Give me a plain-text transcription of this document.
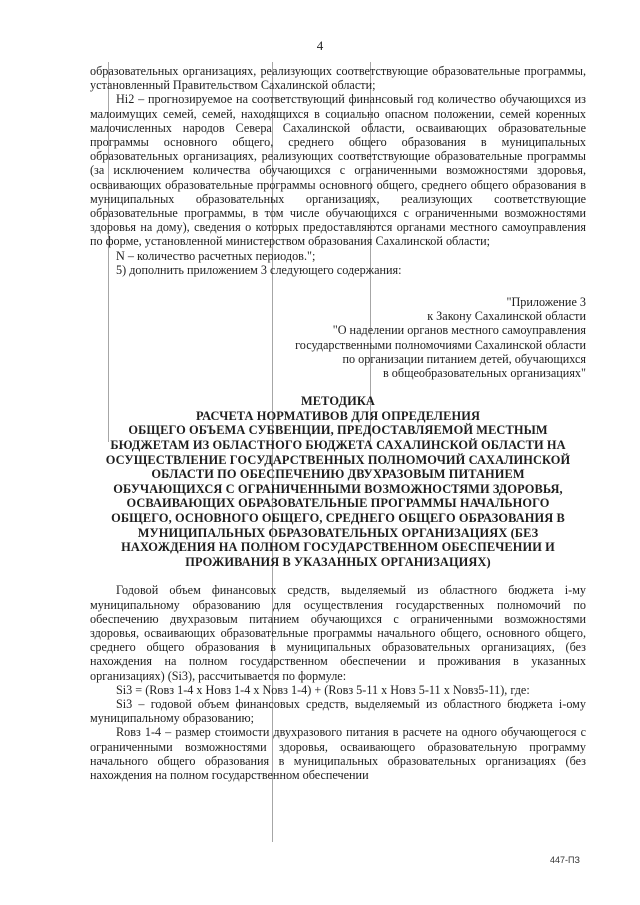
4

образовательных организациях, реализующих соответствующие образовательные программы, установленный Правительством Сахалинской области;

Нi2 – прогнозируемое на соответствующий финансовый год количество обучающихся из малоимущих семей, семей, находящихся в социально опасном положении, семей коренных малочисленных народов Севера Сахалинской области, осваивающих образовательные программы основного общего, среднего общего образования в муниципальных образовательных организациях, реализующих соответствующие образовательные программы (за исключением количества обучающихся с ограниченными возможностями здоровья, осваивающих образовательные программы основного общего, среднего общего образования в муниципальных образовательных организациях, реализующих соответствующие образовательные программы, в том числе обучающихся с ограниченными возможностями здоровья на дому), сведения о которых предоставляются органами местного самоуправления по форме, установленной министерством образования Сахалинской области;

N – количество расчетных периодов.";

5) дополнить приложением 3 следующего содержания:

"Приложение 3
к Закону Сахалинской области
"О наделении органов местного самоуправления
государственными полномочиями Сахалинской области
по организации питанием детей, обучающихся
в общеобразовательных организациях"
МЕТОДИКА
РАСЧЕТА НОРМАТИВОВ ДЛЯ ОПРЕДЕЛЕНИЯ
ОБЩЕГО ОБЪЕМА СУБВЕНЦИИ, ПРЕДОСТАВЛЯЕМОЙ МЕСТНЫМ
БЮДЖЕТАМ ИЗ ОБЛАСТНОГО БЮДЖЕТА САХАЛИНСКОЙ ОБЛАСТИ НА
ОСУЩЕСТВЛЕНИЕ ГОСУДАРСТВЕННЫХ ПОЛНОМОЧИЙ САХАЛИНСКОЙ
ОБЛАСТИ ПО ОБЕСПЕЧЕНИЮ ДВУХРАЗОВЫМ ПИТАНИЕМ
ОБУЧАЮЩИХСЯ С ОГРАНИЧЕННЫМИ ВОЗМОЖНОСТЯМИ ЗДОРОВЬЯ,
ОСВАИВАЮЩИХ ОБРАЗОВАТЕЛЬНЫЕ ПРОГРАММЫ НАЧАЛЬНОГО
ОБЩЕГО, ОСНОВНОГО ОБЩЕГО, СРЕДНЕГО ОБЩЕГО ОБРАЗОВАНИЯ В
МУНИЦИПАЛЬНЫХ ОБРАЗОВАТЕЛЬНЫХ ОРГАНИЗАЦИЯХ (БЕЗ
НАХОЖДЕНИЯ НА ПОЛНОМ ГОСУДАРСТВЕННОМ ОБЕСПЕЧЕНИИ И
ПРОЖИВАНИЯ В УКАЗАННЫХ ОРГАНИЗАЦИЯХ)

Годовой объем финансовых средств, выделяемый из областного бюджета i-му муниципальному образованию для осуществления государственных полномочий по обеспечению двухразовым питанием обучающихся с ограниченными возможностями здоровья, осваивающих образовательные программы начального общего, основного общего, среднего общего образования в муниципальных образовательных организациях, (без нахождения на полном государственном обеспечении и проживания в указанных организациях) (Si3), рассчитывается по формуле:

Si3 = (Rовз 1-4 x Hовз 1-4 x Nовз 1-4) + (Rовз 5-11 x Hовз 5-11 x Nовз5-11), где:

Si3 – годовой объем финансовых средств, выделяемый из областного бюджета i-ому муниципальному образованию;

Rовз 1-4 – размер стоимости двухразового питания в расчете на одного обучающегося с ограниченными возможностями здоровья, осваивающего образовательную программу начального общего образования в муниципальных образовательных организациях (без нахождения на полном государственном обеспечении

447-ПЗ
